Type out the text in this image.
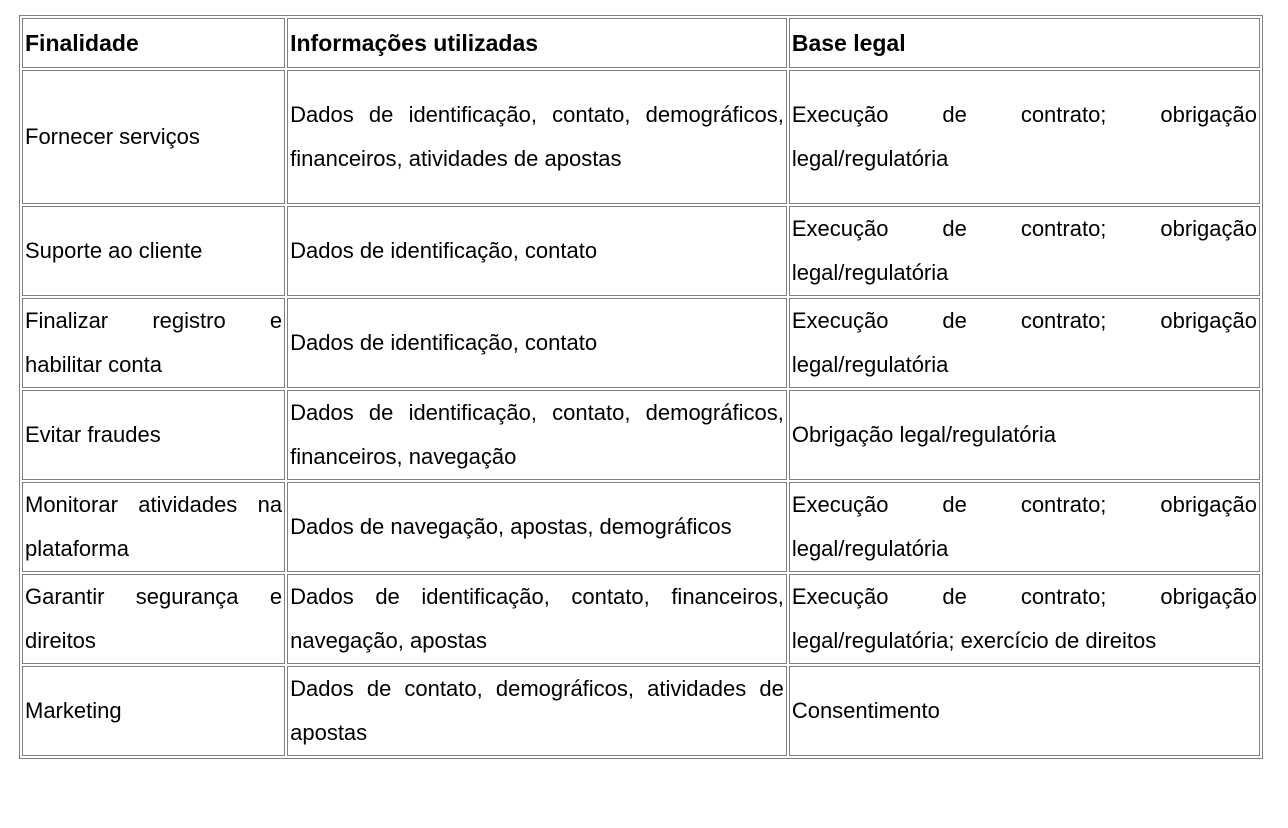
Finalidade	Informações utilizadas	Base legal
Fornecer serviços	Dados de identificação, contato, demográficos, financeiros, atividades de apostas	Execução de contrato; obrigação legal/regulatória
Suporte ao cliente	Dados de identificação, contato	Execução de contrato; obrigação legal/regulatória
Finalizar registro e habilitar conta	Dados de identificação, contato	Execução de contrato; obrigação legal/regulatória
Evitar fraudes	Dados de identificação, contato, demográficos, financeiros, navegação	Obrigação legal/regulatória
Monitorar atividades na plataforma	Dados de navegação, apostas, demográficos	Execução de contrato; obrigação legal/regulatória
Garantir segurança e direitos	Dados de identificação, contato, financeiros, navegação, apostas	Execução de contrato; obrigação legal/regulatória; exercício de direitos
Marketing	Dados de contato, demográficos, atividades de apostas	Consentimento
